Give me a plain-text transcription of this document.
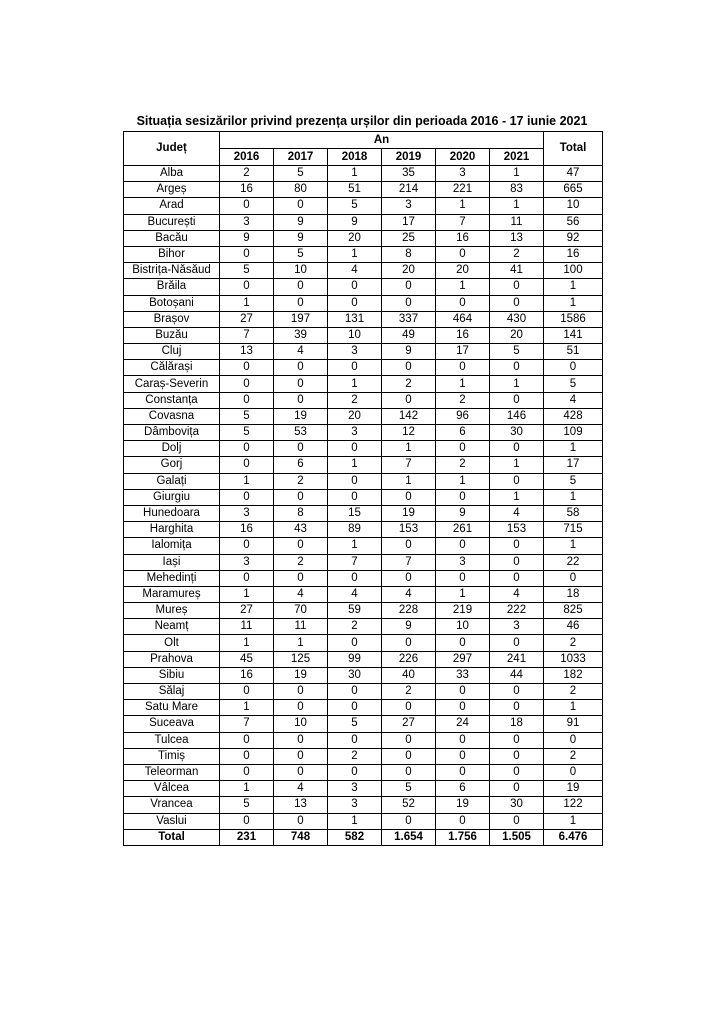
Situația sesizărilor privind prezența urșilor din perioada 2016 - 17 iunie 2021
Județ	An						Total
	2016	2017	2018	2019	2020	2021	
Alba	2	5	1	35	3	1	47
Argeș	16	80	51	214	221	83	665
Arad	0	0	5	3	1	1	10
București	3	9	9	17	7	11	56
Bacău	9	9	20	25	16	13	92
Bihor	0	5	1	8	0	2	16
Bistrița-Năsăud	5	10	4	20	20	41	100
Brăila	0	0	0	0	1	0	1
Botoșani	1	0	0	0	0	0	1
Brașov	27	197	131	337	464	430	1586
Buzău	7	39	10	49	16	20	141
Cluj	13	4	3	9	17	5	51
Călărași	0	0	0	0	0	0	0
Caraș-Severin	0	0	1	2	1	1	5
Constanța	0	0	2	0	2	0	4
Covasna	5	19	20	142	96	146	428
Dâmbovița	5	53	3	12	6	30	109
Dolj	0	0	0	1	0	0	1
Gorj	0	6	1	7	2	1	17
Galați	1	2	0	1	1	0	5
Giurgiu	0	0	0	0	0	1	1
Hunedoara	3	8	15	19	9	4	58
Harghita	16	43	89	153	261	153	715
Ialomița	0	0	1	0	0	0	1
Iași	3	2	7	7	3	0	22
Mehedinți	0	0	0	0	0	0	0
Maramureș	1	4	4	4	1	4	18
Mureș	27	70	59	228	219	222	825
Neamț	11	11	2	9	10	3	46
Olt	1	1	0	0	0	0	2
Prahova	45	125	99	226	297	241	1033
Sibiu	16	19	30	40	33	44	182
Sălaj	0	0	0	2	0	0	2
Satu Mare	1	0	0	0	0	0	1
Suceava	7	10	5	27	24	18	91
Tulcea	0	0	0	0	0	0	0
Timiș	0	0	2	0	0	0	2
Teleorman	0	0	0	0	0	0	0
Vâlcea	1	4	3	5	6	0	19
Vrancea	5	13	3	52	19	30	122
Vaslui	0	0	1	0	0	0	1
Total	231	748	582	1.654	1.756	1.505	6.476
